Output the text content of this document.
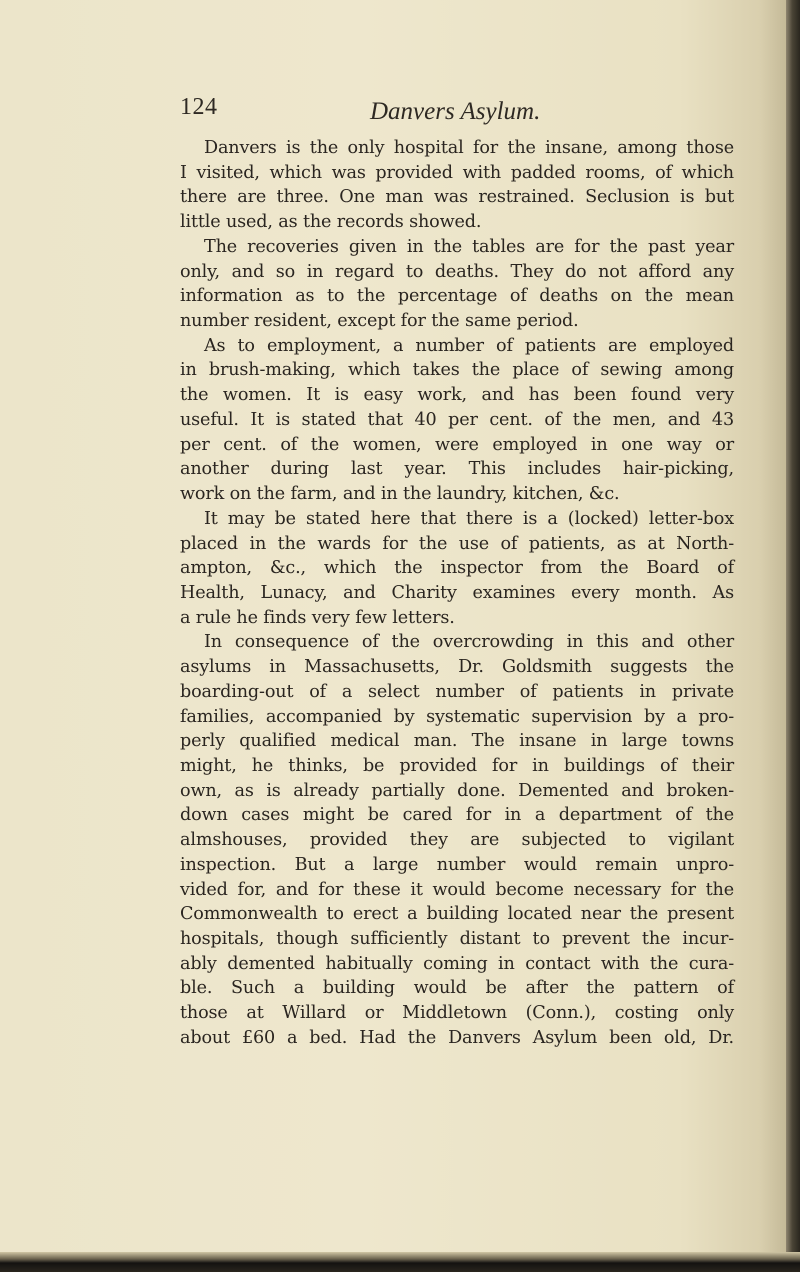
124	Danvers Asylum.
Danvers is the only hospital for the insane, among those
I visited, which was provided with padded rooms, of which
there are three. One man was restrained. Seclusion is but
little used, as the records showed.
The recoveries given in the tables are for the past year
only, and so in regard to deaths. They do not afford any
information as to the percentage of deaths on the mean
number resident, except for the same period.
As to employment, a number of patients are employed
in brush-making, which takes the place of sewing among
the women. It is easy work, and has been found very
useful. It is stated that 40 per cent. of the men, and 43
per cent. of the women, were employed in one way or
another during last year. This includes hair-picking,
work on the farm, and in the laundry, kitchen, &c.
It may be stated here that there is a (locked) letter-box
placed in the wards for the use of patients, as at North-
ampton, &c., which the inspector from the Board of
Health, Lunacy, and Charity examines every month. As
a rule he finds very few letters.
In consequence of the overcrowding in this and other
asylums in Massachusetts, Dr. Goldsmith suggests the
boarding-out of a select number of patients in private
families, accompanied by systematic supervision by a pro-
perly qualified medical man. The insane in large towns
might, he thinks, be provided for in buildings of their
own, as is already partially done. Demented and broken-
down cases might be cared for in a department of the
almshouses, provided they are subjected to vigilant
inspection. But a large number would remain unpro-
vided for, and for these it would become necessary for the
Commonwealth to erect a building located near the present
hospitals, though sufficiently distant to prevent the incur-
ably demented habitually coming in contact with the cura-
ble. Such a building would be after the pattern of
those at Willard or Middletown (Conn.), costing only
about £60 a bed. Had the Danvers Asylum been old, Dr.
